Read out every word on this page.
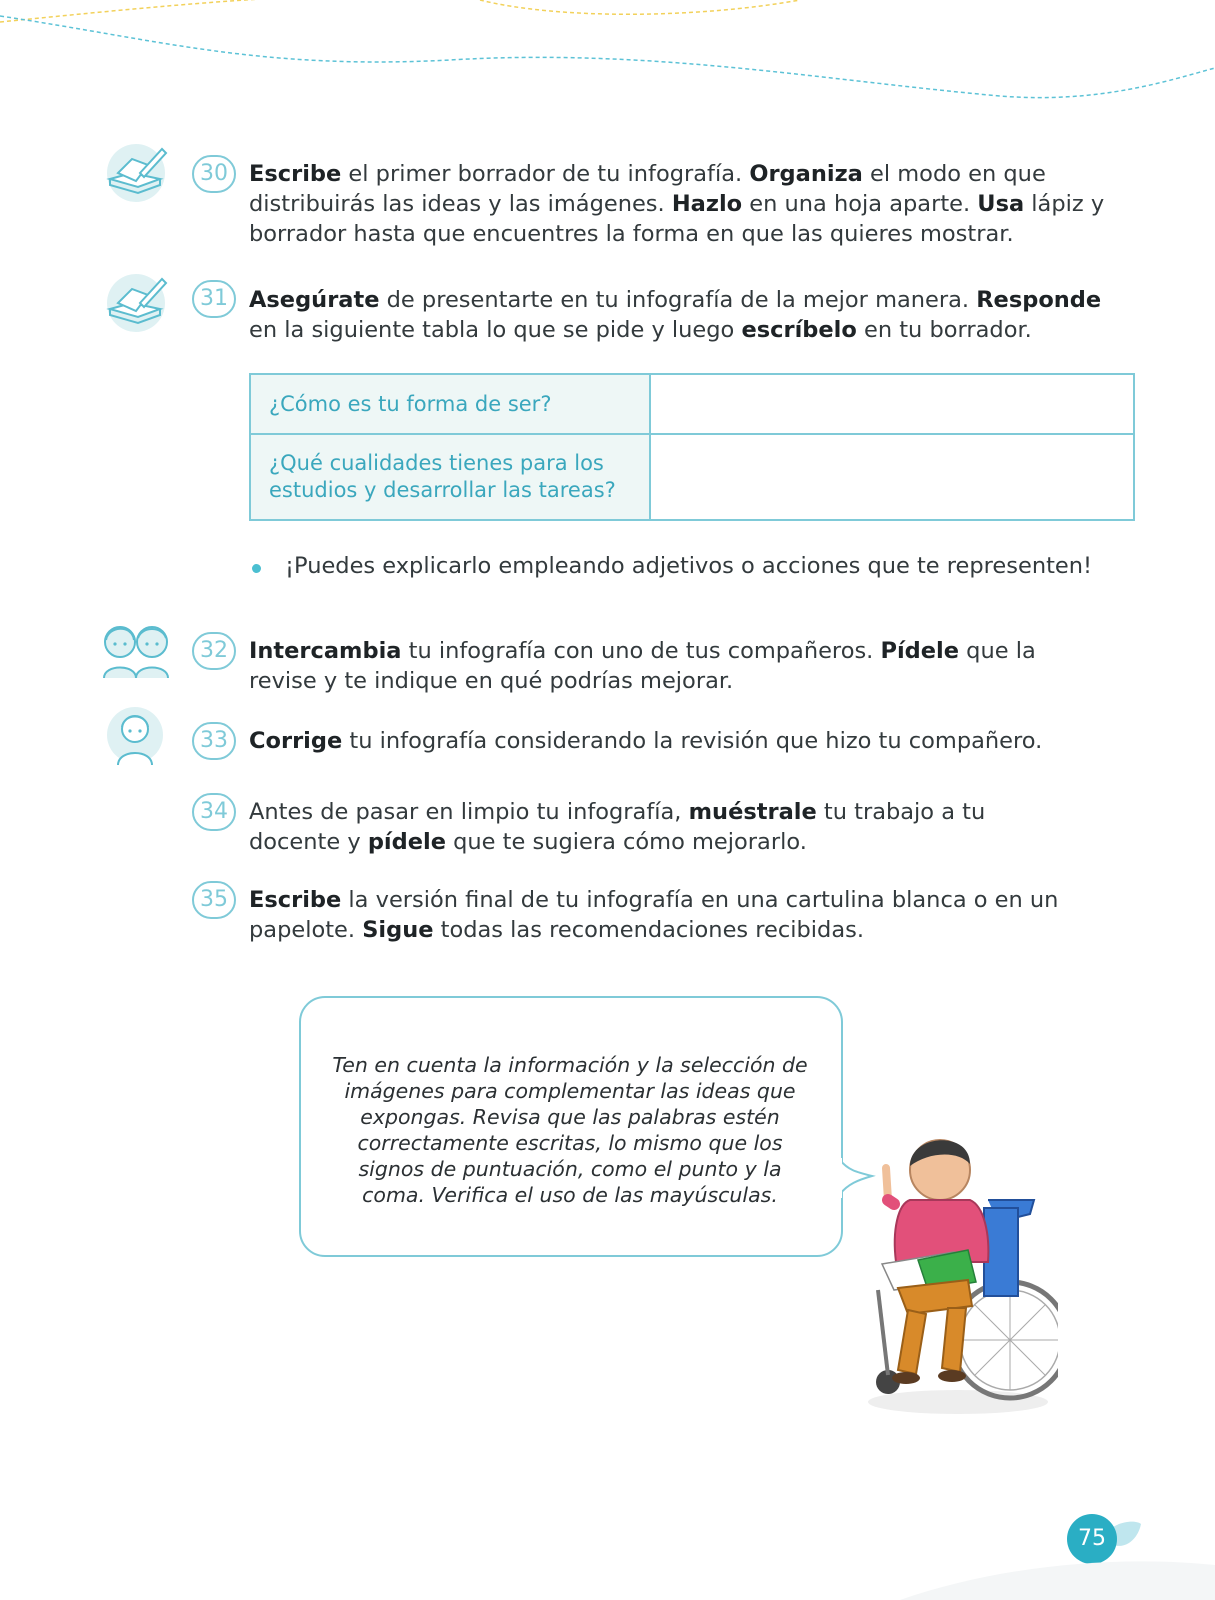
30 Escribe el primer borrador de tu infografía. Organiza el modo en que distribuirás las ideas y las imágenes. Hazlo en una hoja aparte. Usa lápiz y borrador hasta que encuentres la forma en que las quieres mostrar.
31 Asegúrate de presentarte en tu infografía de la mejor manera. Responde en la siguiente tabla lo que se pide y luego escríbelo en tu borrador.
¿Cómo es tu forma de ser?	
¿Qué cualidades tienes para los estudios y desarrollar las tareas?	
¡Puedes explicarlo empleando adjetivos o acciones que te representen!
32 Intercambia tu infografía con uno de tus compañeros. Pídele que la revise y te indique en qué podrías mejorar.
33 Corrige tu infografía considerando la revisión que hizo tu compañero.
34 Antes de pasar en limpio tu infografía, muéstrale tu trabajo a tu docente y pídele que te sugiera cómo mejorarlo.
35 Escribe la versión final de tu infografía en una cartulina blanca o en un papelote. Sigue todas las recomendaciones recibidas.
Ten en cuenta la información y la selección de imágenes para complementar las ideas que expongas. Revisa que las palabras estén correctamente escritas, lo mismo que los signos de puntuación, como el punto y la coma. Verifica el uso de las mayúsculas.
75
